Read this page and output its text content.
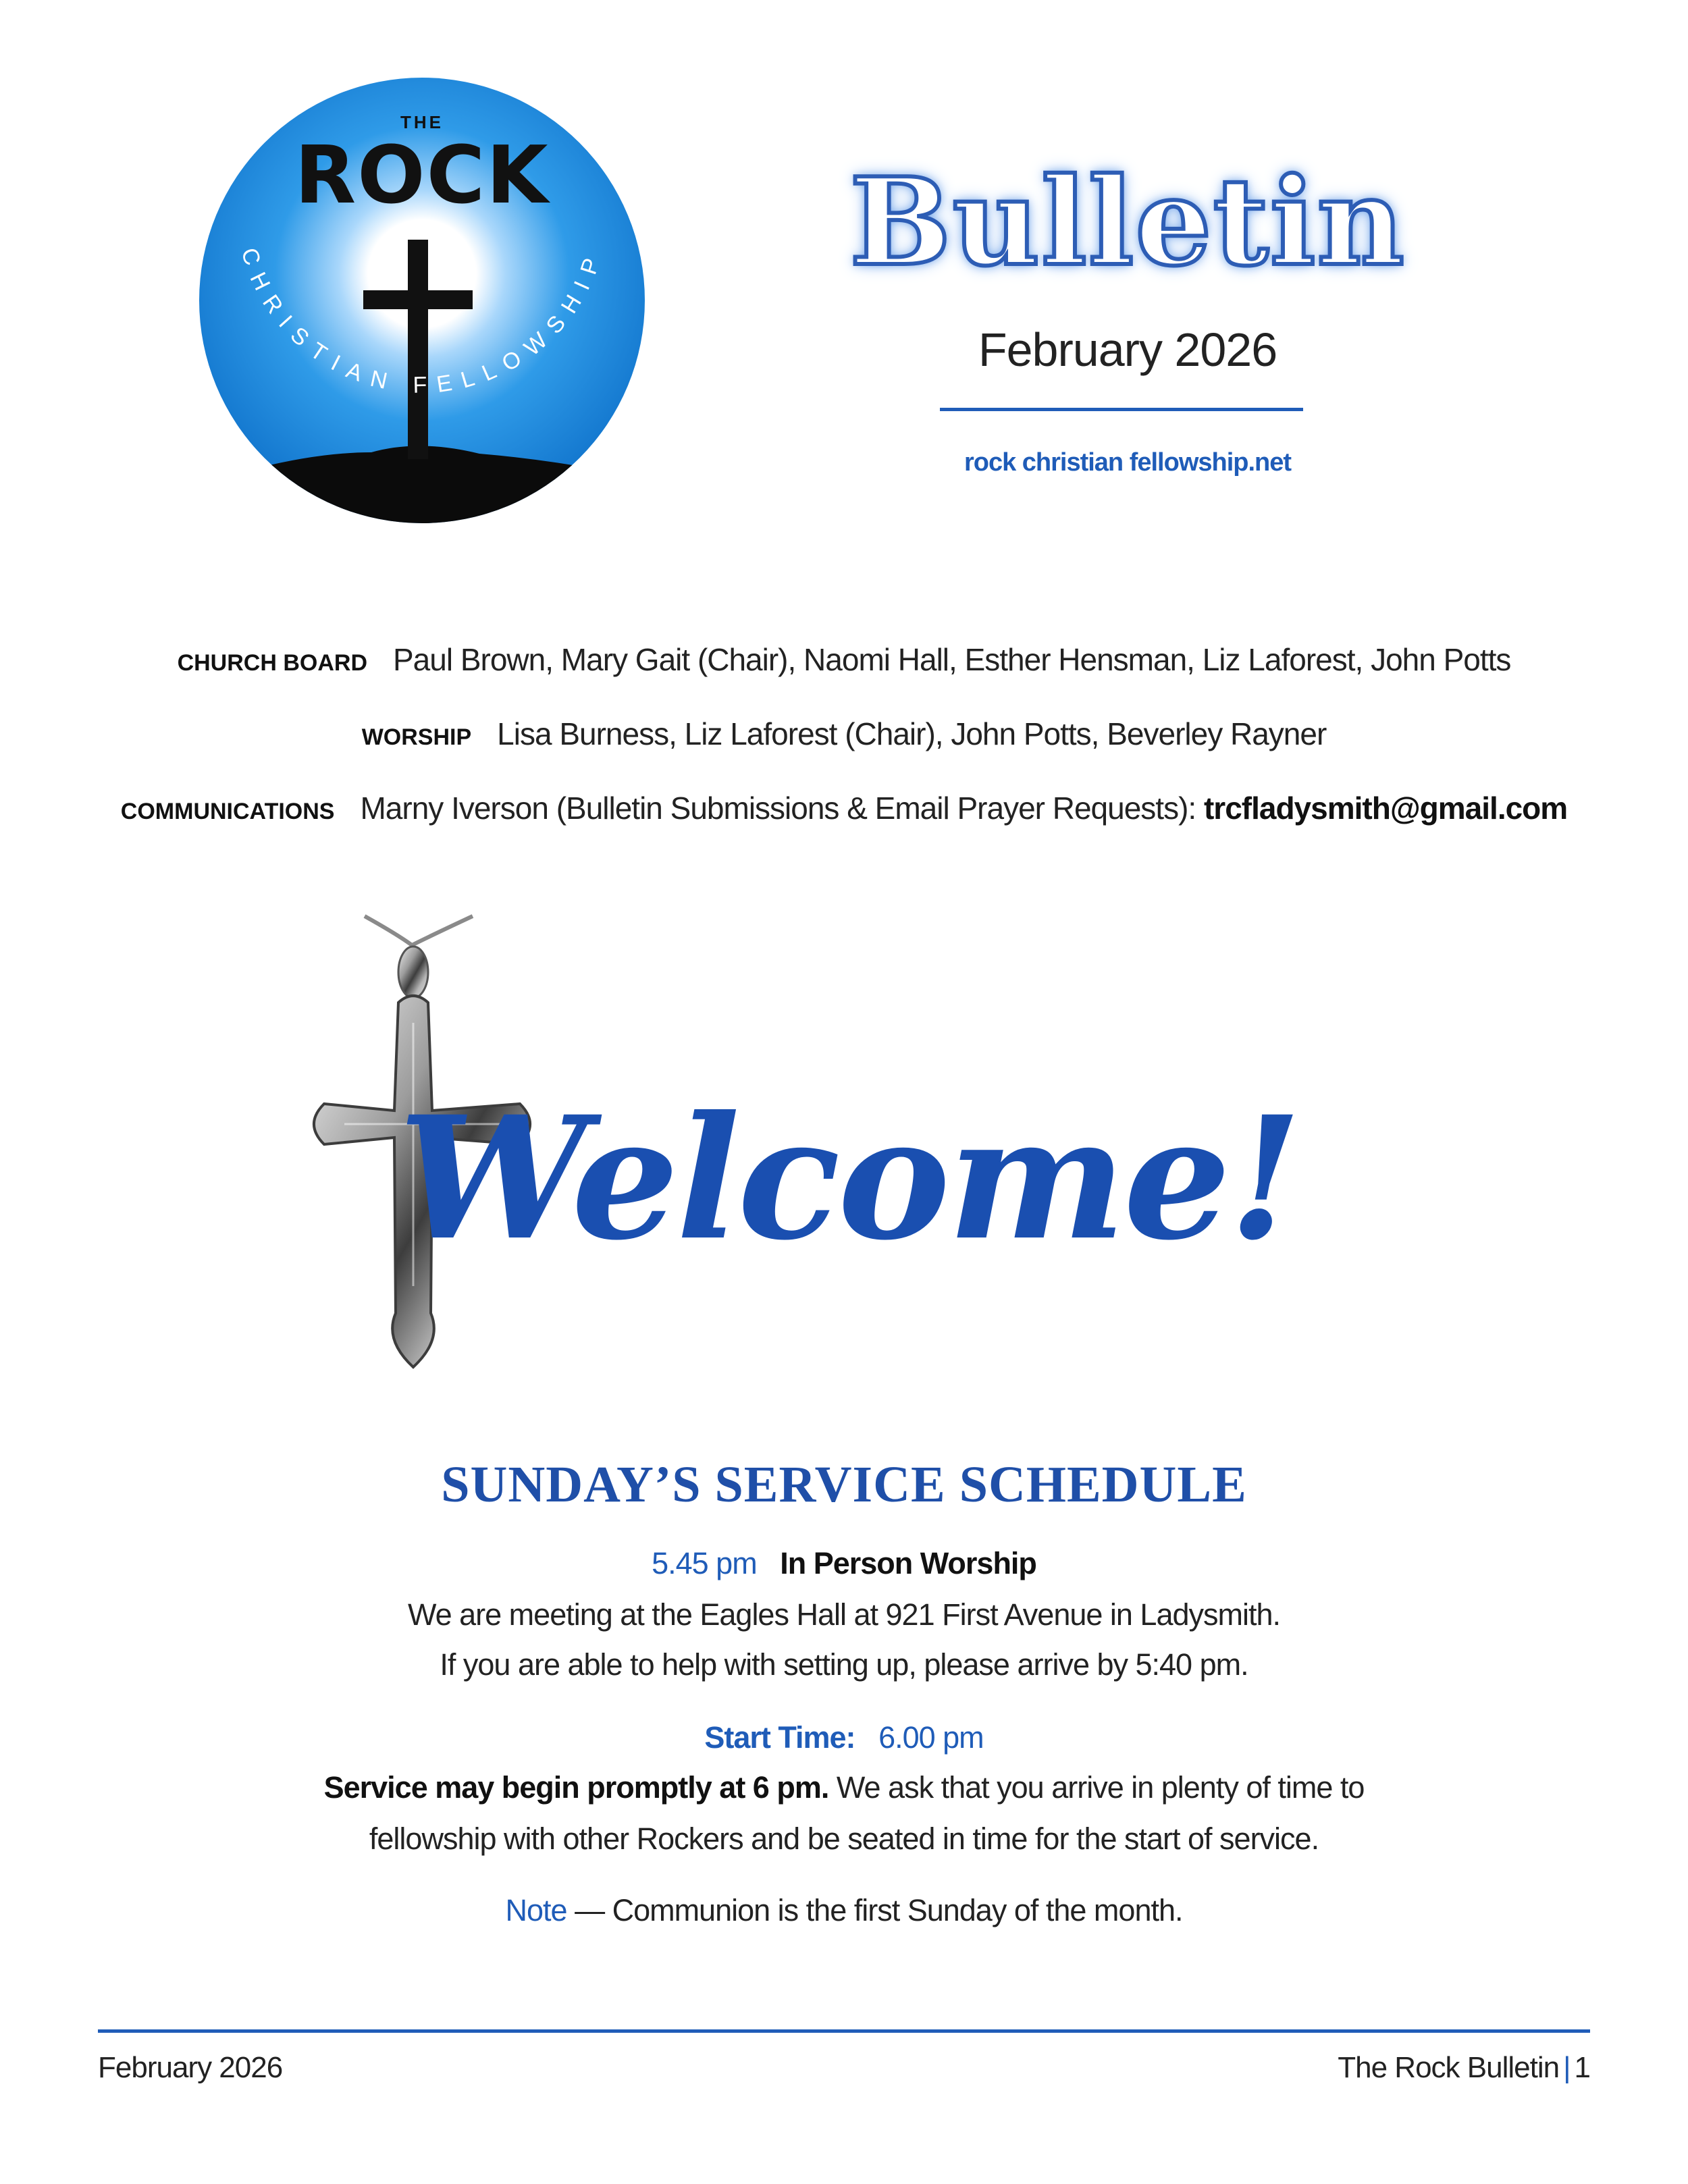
THE
ROCK
CHRISTIAN FELLOWSHIP	Bulletin
February 2026
rock christian fellowship.net
CHURCH BOARD Paul Brown, Mary Gait (Chair), Naomi Hall, Esther Hensman, Liz Laforest, John Potts
WORSHIP Lisa Burness, Liz Laforest (Chair), John Potts, Beverley Rayner
COMMUNICATIONS Marny Iverson (Bulletin Submissions & Email Prayer Requests): trcfladysmith@gmail.com
Welcome!
SUNDAY’S SERVICE SCHEDULE
5.45 pm In Person Worship
We are meeting at the Eagles Hall at 921 First Avenue in Ladysmith.
If you are able to help with setting up, please arrive by 5:40 pm.
Start Time: 6.00 pm
Service may begin promptly at 6 pm. We ask that you arrive in plenty of time to
fellowship with other Rockers and be seated in time for the start of service.
Note — Communion is the first Sunday of the month.
February 2026	The Rock Bulletin | 1
